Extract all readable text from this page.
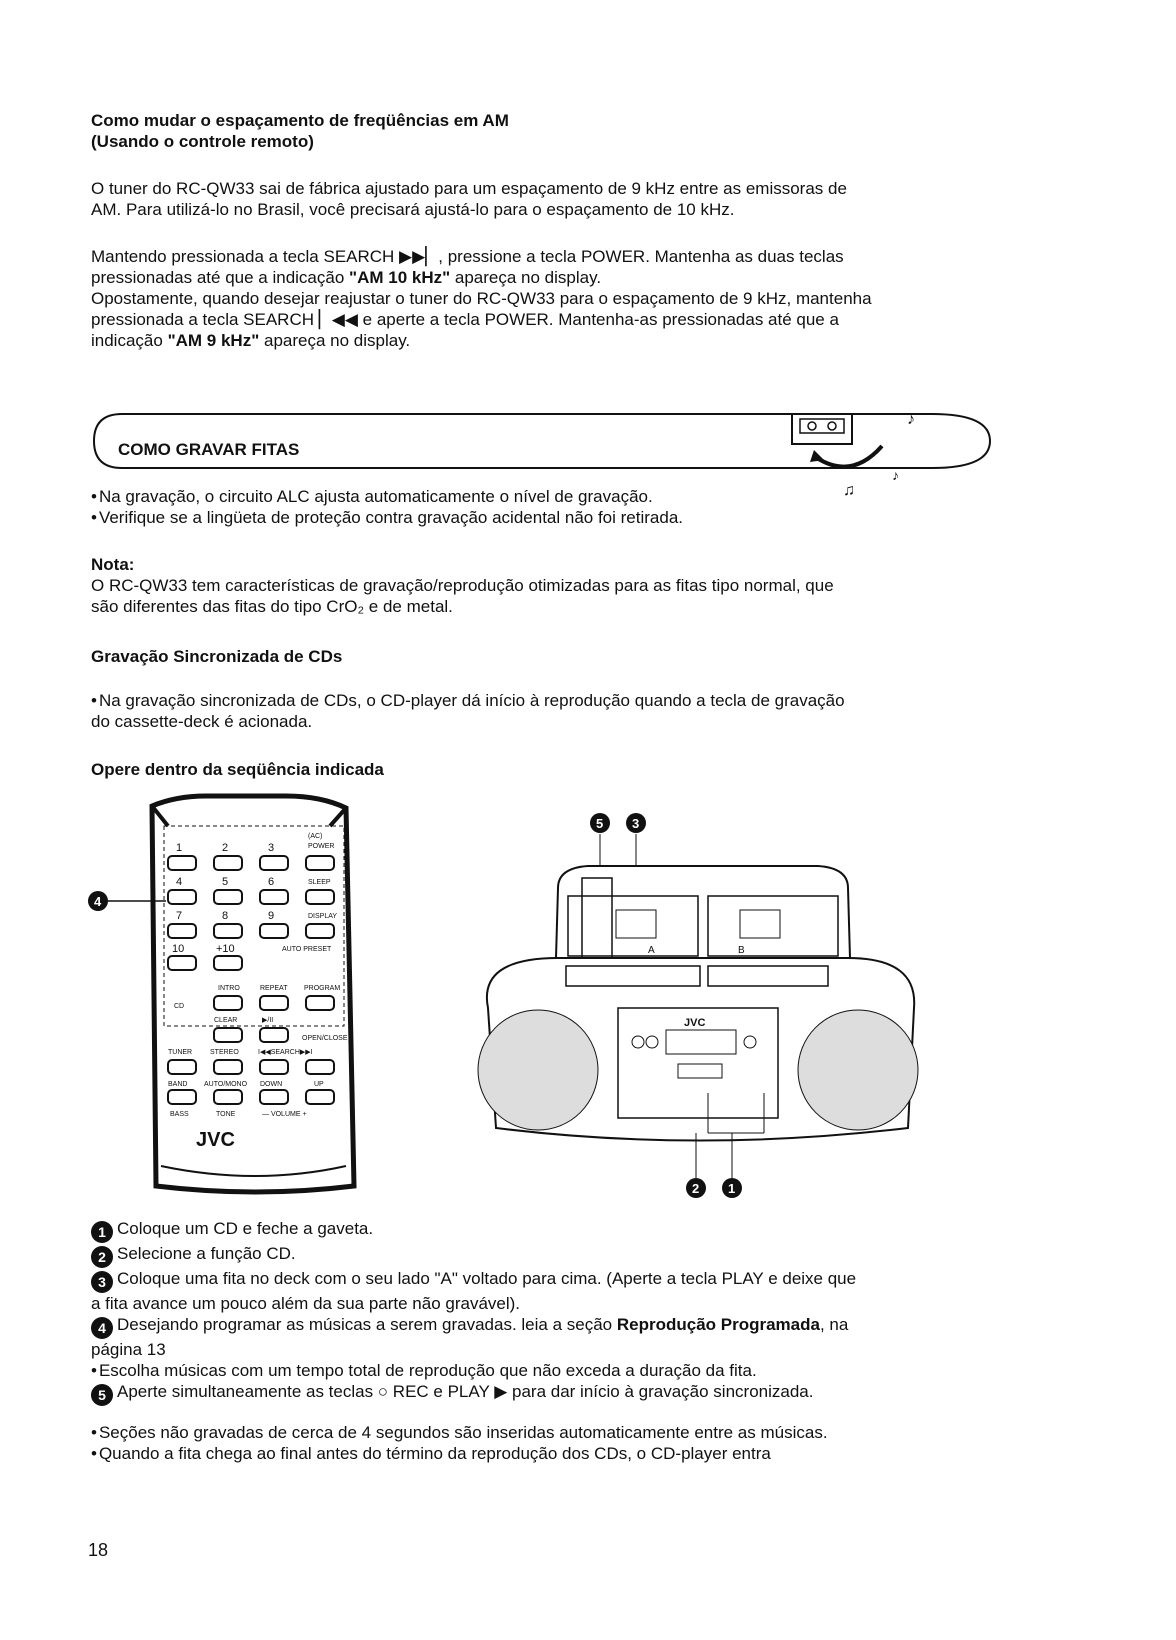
Como mudar o espaçamento de freqüências em AM
(Usando o controle remoto)
O tuner do RC-QW33 sai de fábrica ajustado para um espaçamento de 9 kHz entre as emissoras de
AM. Para utilizá-lo no Brasil, você precisará ajustá-lo para o espaçamento de 10 kHz.
Mantendo pressionada a tecla SEARCH ▶▶▏, pressione a tecla POWER. Mantenha as duas teclas
pressionadas até que a indicação "AM 10 kHz" apareça no display.
Opostamente, quando desejar reajustar o tuner do RC-QW33 para o espaçamento de 9 kHz, mantenha
pressionada a tecla SEARCH ▏◀◀ e aperte a tecla POWER. Mantenha-as pressionadas até que a
indicação "AM 9 kHz" apareça no display.
♪
♪
COMO GRAVAR FITAS
♫
• Na gravação, o circuito ALC ajusta automaticamente o nível de gravação.
• Verifique se a lingüeta de proteção contra gravação acidental não foi retirada.
Nota:
O RC-QW33 tem características de gravação/reprodução otimizadas para as fitas tipo normal, que
são diferentes das fitas do tipo CrO₂ e de metal.
Gravação Sincronizada de CDs
• Na gravação sincronizada de CDs, o CD-player dá início à reprodução quando a tecla de gravação
do cassette-deck é acionada.
Opere dentro da seqüência indicada
1	2	3
4	5	6
7	8	9
10	+10
(AC)
POWER
SLEEP
DISPLAY
AUTO PRESET
INTRO	REPEAT PROGRAM
CD
CLEAR	▶/II
OPEN/CLOSE
TUNER	STEREO	I◀◀SEARCH▶▶I
BAND AUTO/MONO DOWN	UP
BASS	TONE	— VOLUME +
JVC
4
5 3
A	B
JVC
2 1
1 Coloque um CD e feche a gaveta.
2 Selecione a função CD.
3 Coloque uma fita no deck com o seu lado "A" voltado para cima. (Aperte a tecla PLAY e deixe que
a fita avance um pouco além da sua parte não gravável).
4 Desejando programar as músicas a serem gravadas. leia a seção Reprodução Programada, na
página 13
• Escolha músicas com um tempo total de reprodução que não exceda a duração da fita.
5 Aperte simultaneamente as teclas ○ REC e PLAY ▶ para dar início à gravação sincronizada.
• Seções não gravadas de cerca de 4 segundos são inseridas automaticamente entre as músicas.
• Quando a fita chega ao final antes do término da reprodução dos CDs, o CD-player entra
18
